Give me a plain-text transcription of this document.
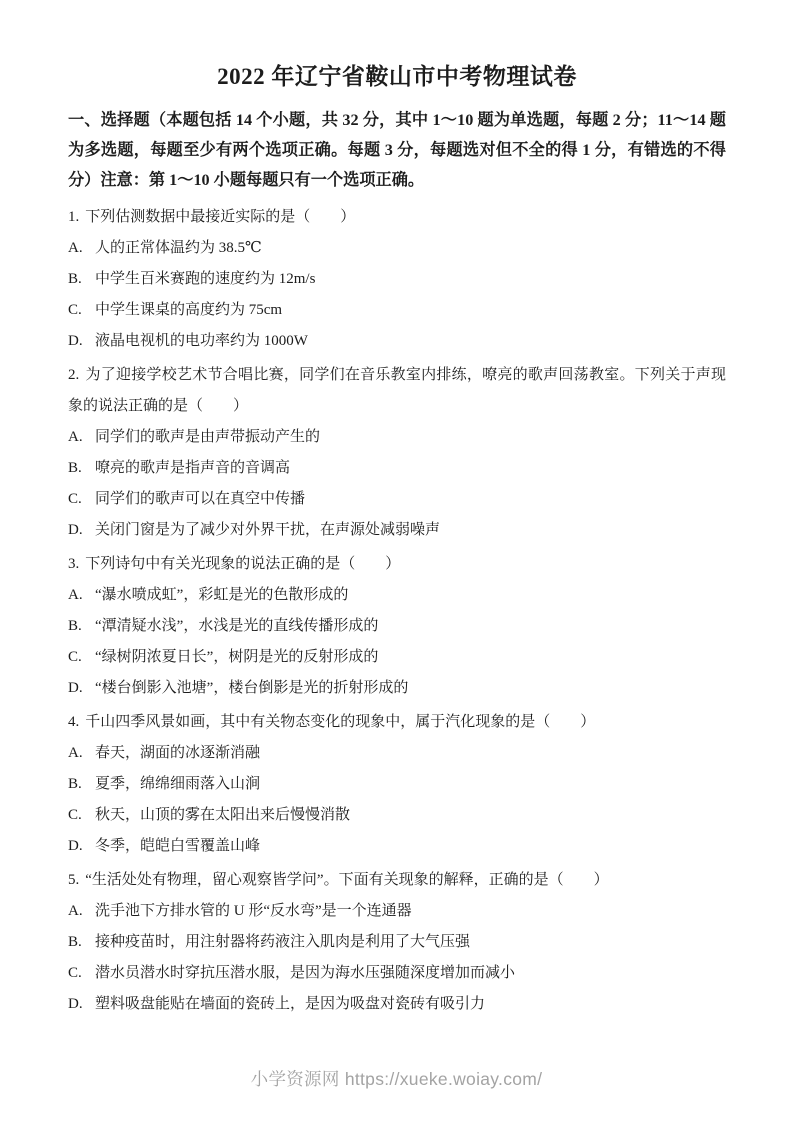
2022 年辽宁省鞍山市中考物理试卷

一、选择题（本题包括 14 个小题，共 32 分，其中 1～10 题为单选题，每题 2 分；11～14 题为多选题，每题至少有两个选项正确。每题 3 分，每题选对但不全的得 1 分，有错选的不得分）注意：第 1～10 小题每题只有一个选项正确。

1. 下列估测数据中最接近实际的是（　　）

A. 人的正常体温约为 38.5℃
B. 中学生百米赛跑的速度约为 12m/s
C. 中学生课桌的高度约为 75cm
D. 液晶电视机的电功率约为 1000W

2. 为了迎接学校艺术节合唱比赛，同学们在音乐教室内排练，嘹亮的歌声回荡教室。下列关于声现象的说法正确的是（　　）

A. 同学们的歌声是由声带振动产生的
B. 嘹亮的歌声是指声音的音调高
C. 同学们的歌声可以在真空中传播
D. 关闭门窗是为了减少对外界干扰，在声源处减弱噪声

3. 下列诗句中有关光现象的说法正确的是（　　）

A. “瀑水喷成虹”，彩虹是光的色散形成的
B. “潭清疑水浅”，水浅是光的直线传播形成的
C. “绿树阴浓夏日长”，树阴是光的反射形成的
D. “楼台倒影入池塘”，楼台倒影是光的折射形成的

4. 千山四季风景如画，其中有关物态变化的现象中，属于汽化现象的是（　　）

A. 春天，湖面的冰逐渐消融
B. 夏季，绵绵细雨落入山涧
C. 秋天，山顶的雾在太阳出来后慢慢消散
D. 冬季，皑皑白雪覆盖山峰

5. “生活处处有物理，留心观察皆学问”。下面有关现象的解释，正确的是（　　）

A. 洗手池下方排水管的 U 形“反水弯”是一个连通器
B. 接种疫苗时，用注射器将药液注入肌肉是利用了大气压强
C. 潜水员潜水时穿抗压潜水服，是因为海水压强随深度增加而减小
D. 塑料吸盘能贴在墙面的瓷砖上，是因为吸盘对瓷砖有吸引力
小学资源网 https://xueke.woiay.com/
